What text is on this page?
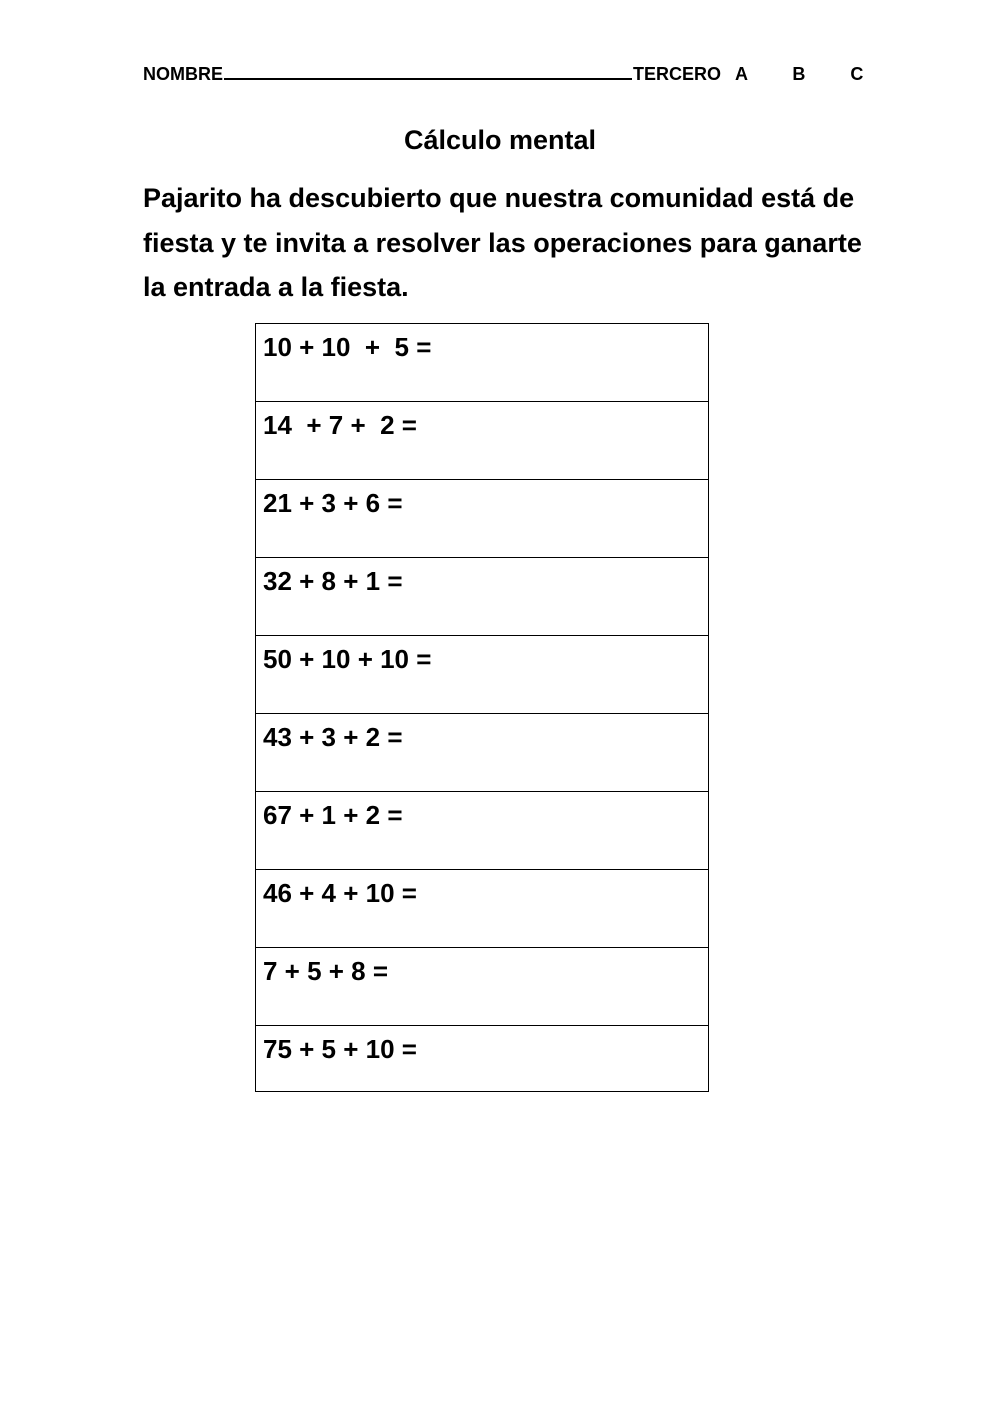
NOMBRE	TERCERO A   B   C
Cálculo mental
Pajarito ha descubierto que nuestra comunidad está de fiesta y te invita a resolver las operaciones para ganarte la entrada a la fiesta.
10 + 10  +  5 =
14  + 7 +  2 =
21 + 3 + 6 =
32 + 8 + 1 =
50 + 10 + 10 =
43 + 3 + 2 =
67 + 1 + 2 =
46 + 4 + 10 =
7 + 5 + 8 =
75 + 5 + 10 =
